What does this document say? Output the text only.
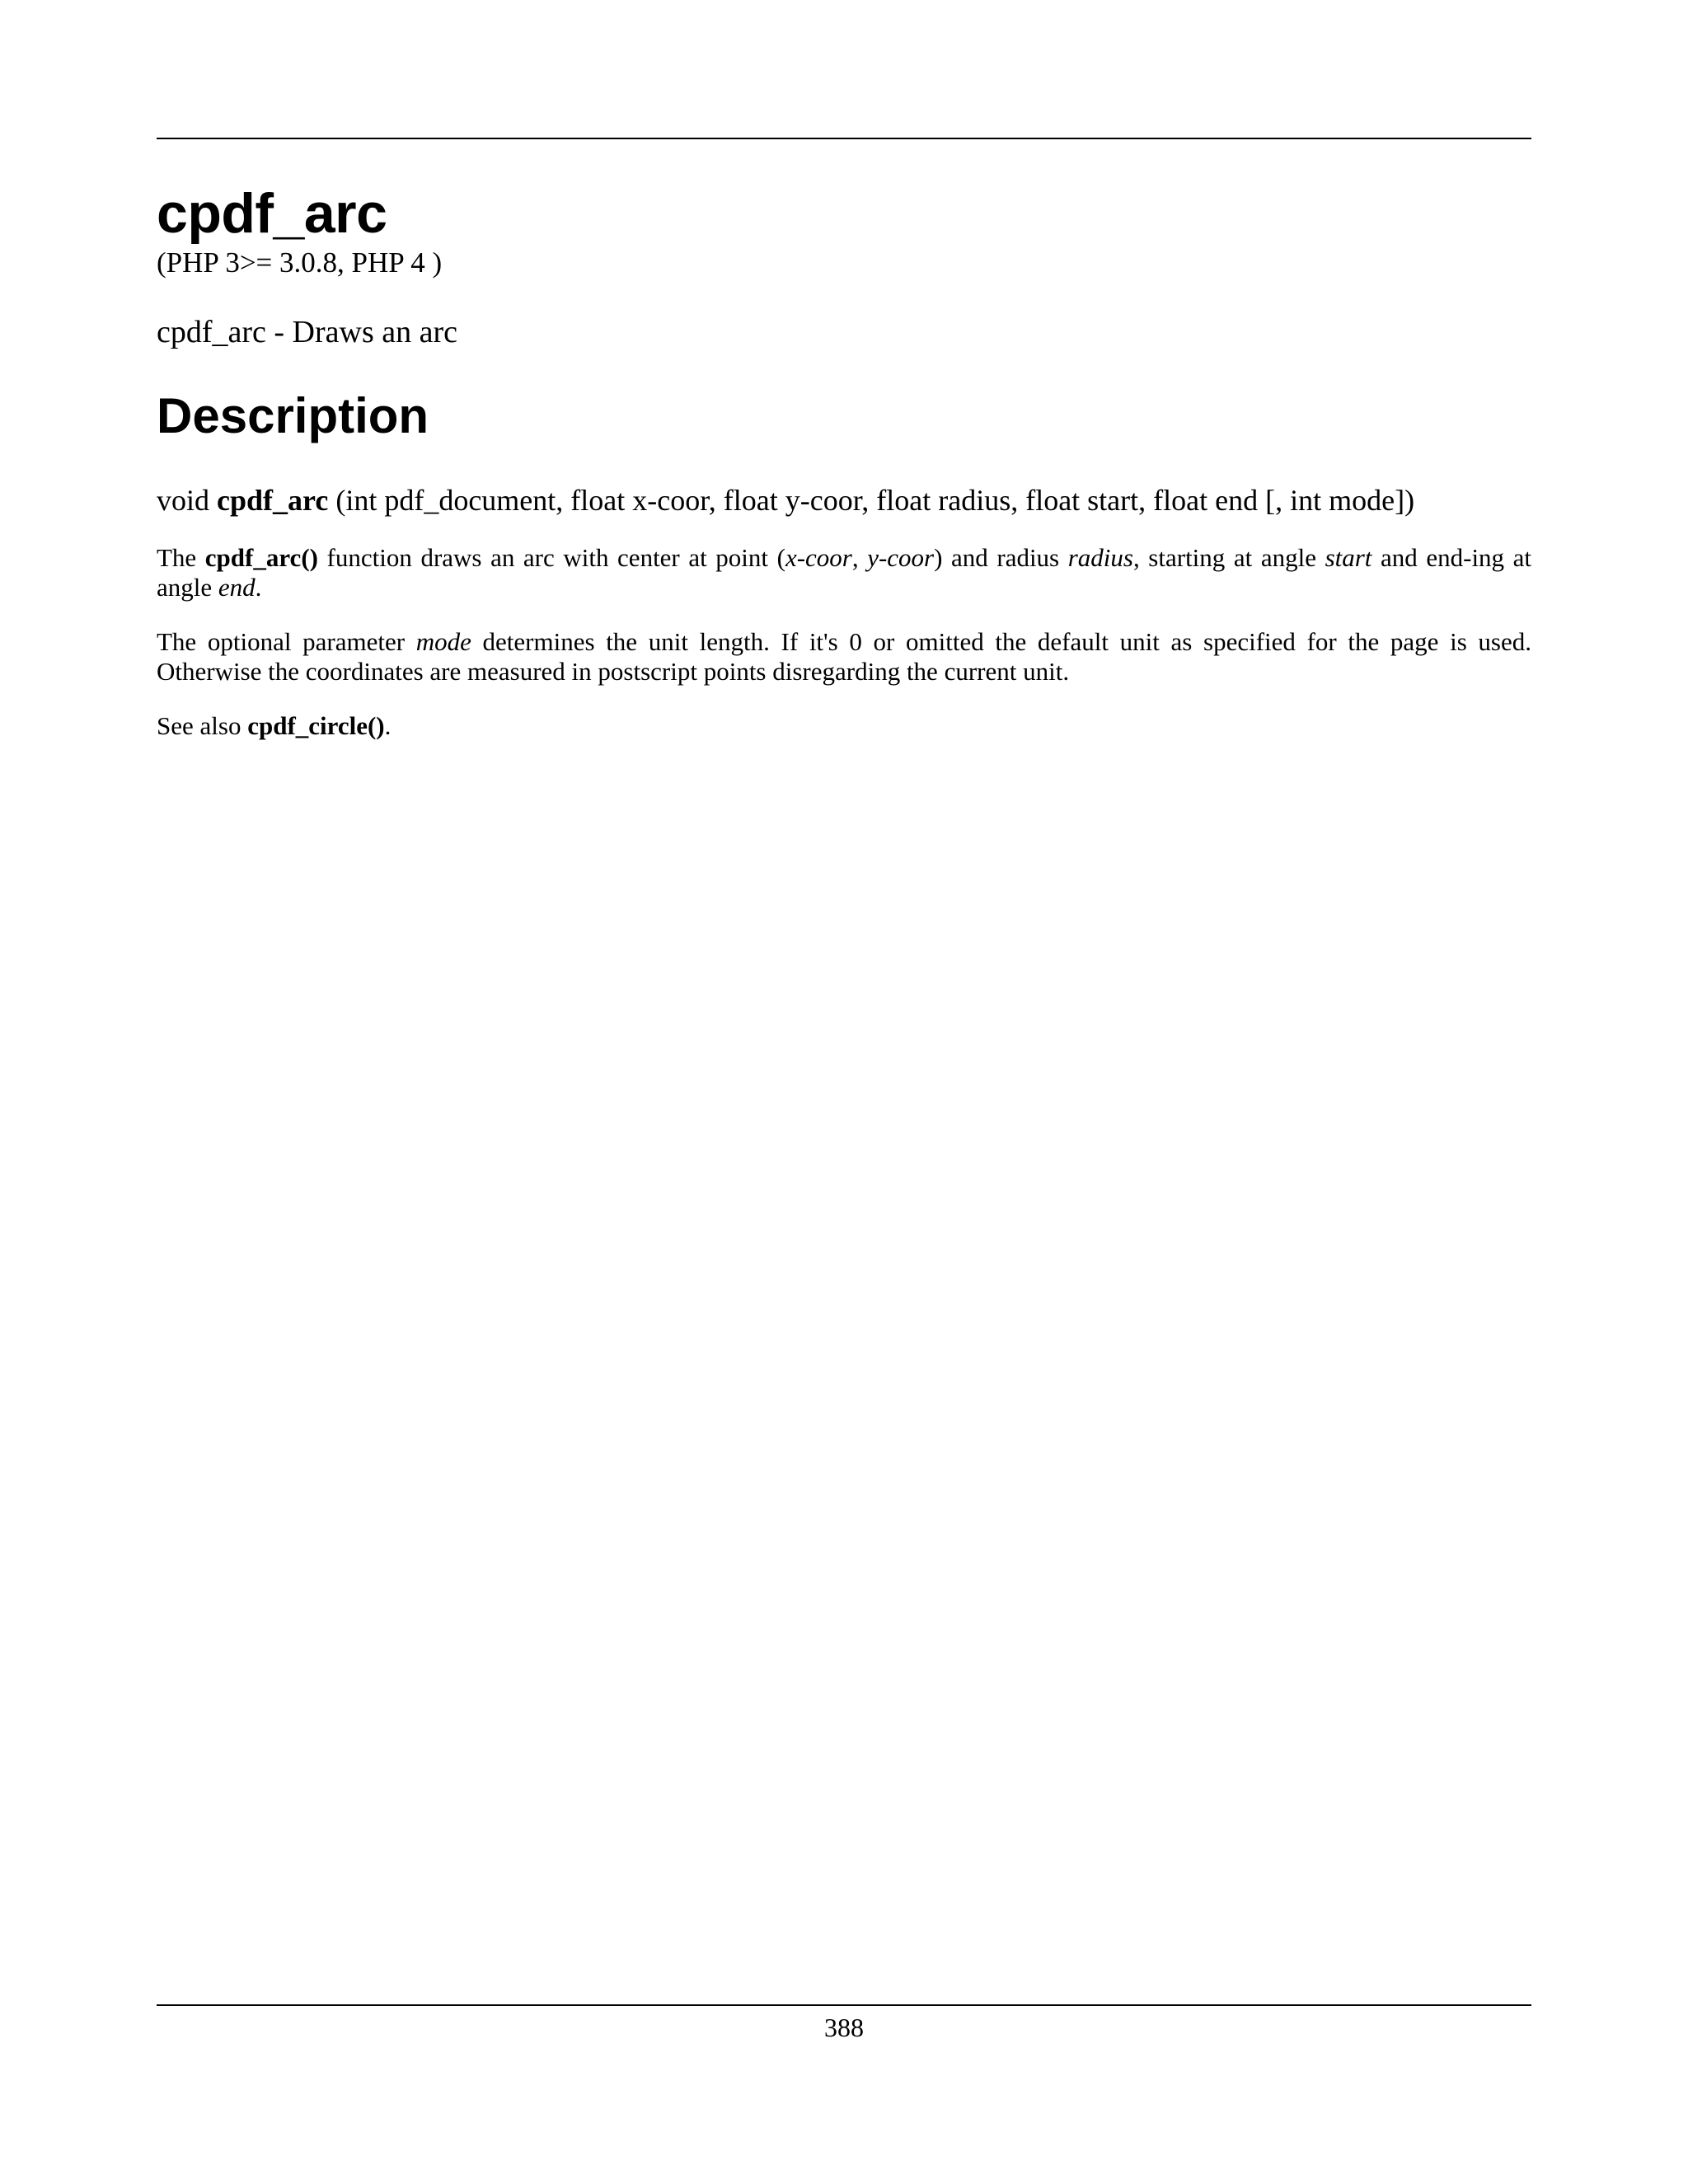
cpdf_arc
(PHP 3>= 3.0.8, PHP 4 )
cpdf_arc - Draws an arc
Description
void cpdf_arc (int pdf_document, float x-coor, float y-coor, float radius, float start, float end [, int mode])

The cpdf_arc() function draws an arc with center at point (x-coor, y-coor) and radius radius, starting at angle start and end-ing at angle end.

The optional parameter mode determines the unit length. If it's 0 or omitted the default unit as specified for the page is used. Otherwise the coordinates are measured in postscript points disregarding the current unit.

See also cpdf_circle().

388
